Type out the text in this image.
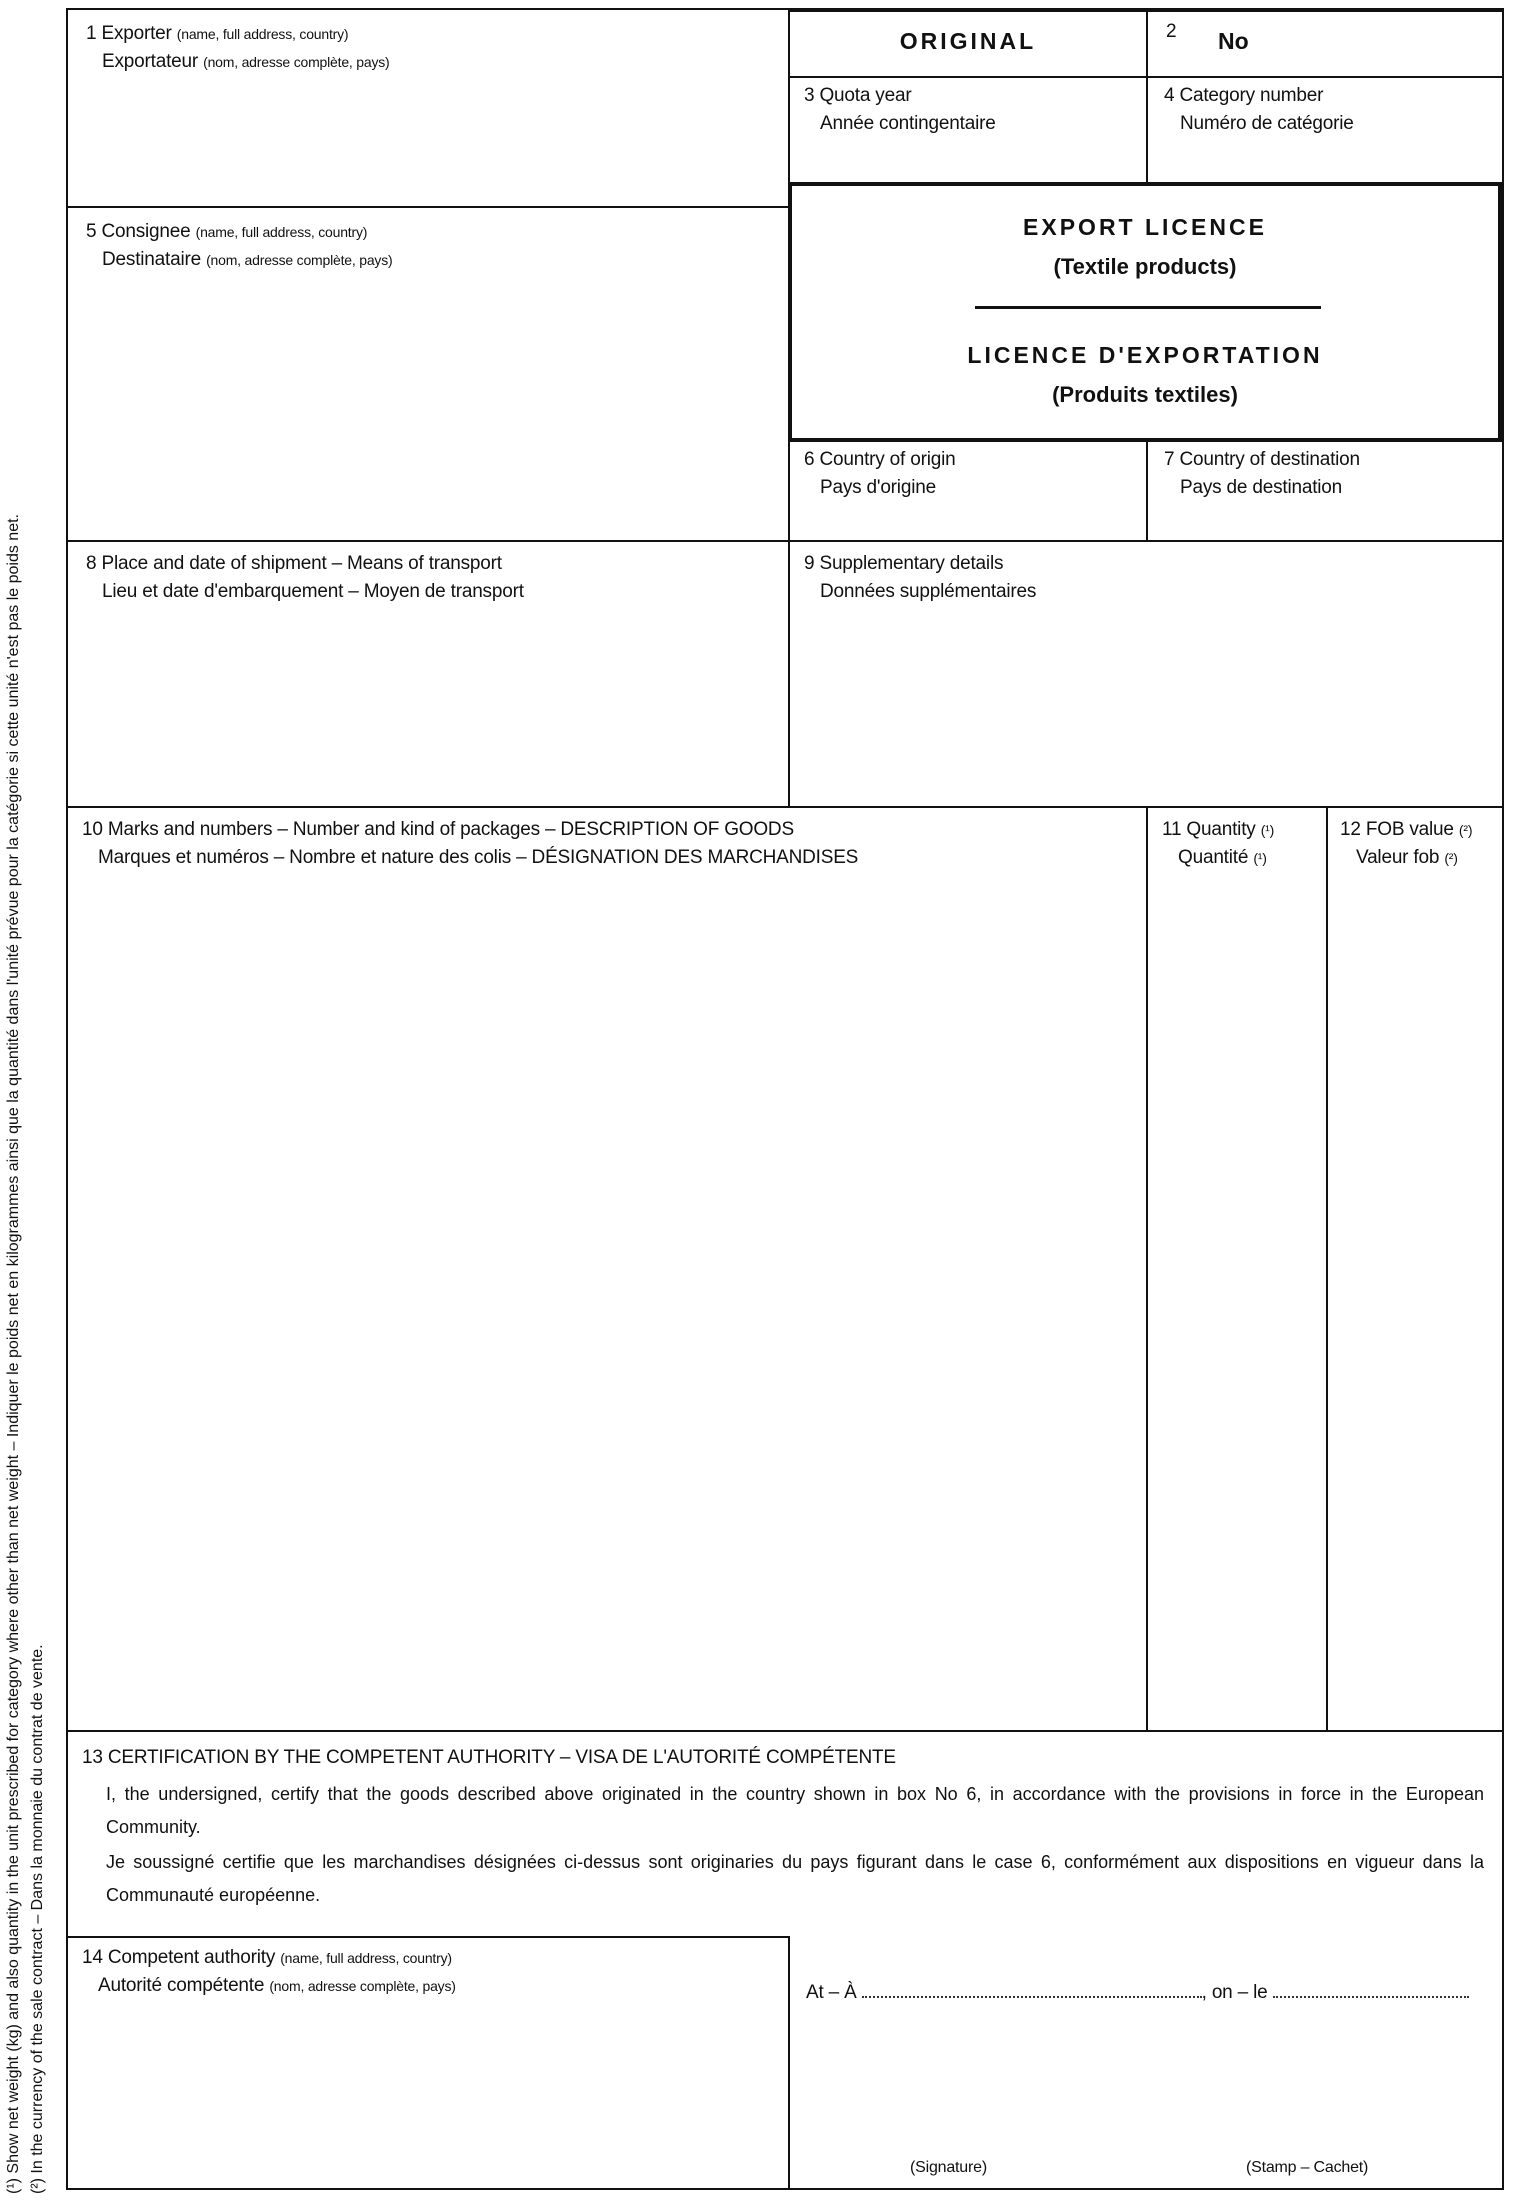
(¹) Show net weight (kg) and also quantity in the unit prescribed for category where other than net weight – Indiquer le poids net en kilogrammes ainsi que la quantité dans l'unité prévue pour la catégorie si cette unité n'est pas le poids net. (²) In the currency of the sale contract – Dans la monnaie du contrat de vente.
1 Exporter (name, full address, country)
Exportateur (nom, adresse complète, pays)
ORIGINAL	2 No
3 Quota year
Année contingentaire
4 Category number
Numéro de catégorie
5 Consignee (name, full address, country)
Destinataire (nom, adresse complète, pays)
EXPORT LICENCE
(Textile products)
LICENCE D'EXPORTATION
(Produits textiles)
6 Country of origin
Pays d'origine
7 Country of destination
Pays de destination
8 Place and date of shipment – Means of transport
Lieu et date d'embarquement – Moyen de transport
9 Supplementary details
Données supplémentaires
10 Marks and numbers – Number and kind of packages – DESCRIPTION OF GOODS
Marques et numéros – Nombre et nature des colis – DÉSIGNATION DES MARCHANDISES
11 Quantity (¹)
Quantité (¹)
12 FOB value (²)
Valeur fob (²)
13 CERTIFICATION BY THE COMPETENT AUTHORITY – VISA DE L'AUTORITÉ COMPÉTENTE
I, the undersigned, certify that the goods described above originated in the country shown in box No 6, in accordance with the provisions in force in the European Community.
Je soussigné certifie que les marchandises désignées ci-dessus sont originaries du pays figurant dans le case 6, conformément aux dispositions en vigueur dans la Communauté européenne.
14 Competent authority (name, full address, country)
Autorité compétente (nom, adresse complète, pays)	At – À	, on – le
(Signature)	(Stamp – Cachet)
